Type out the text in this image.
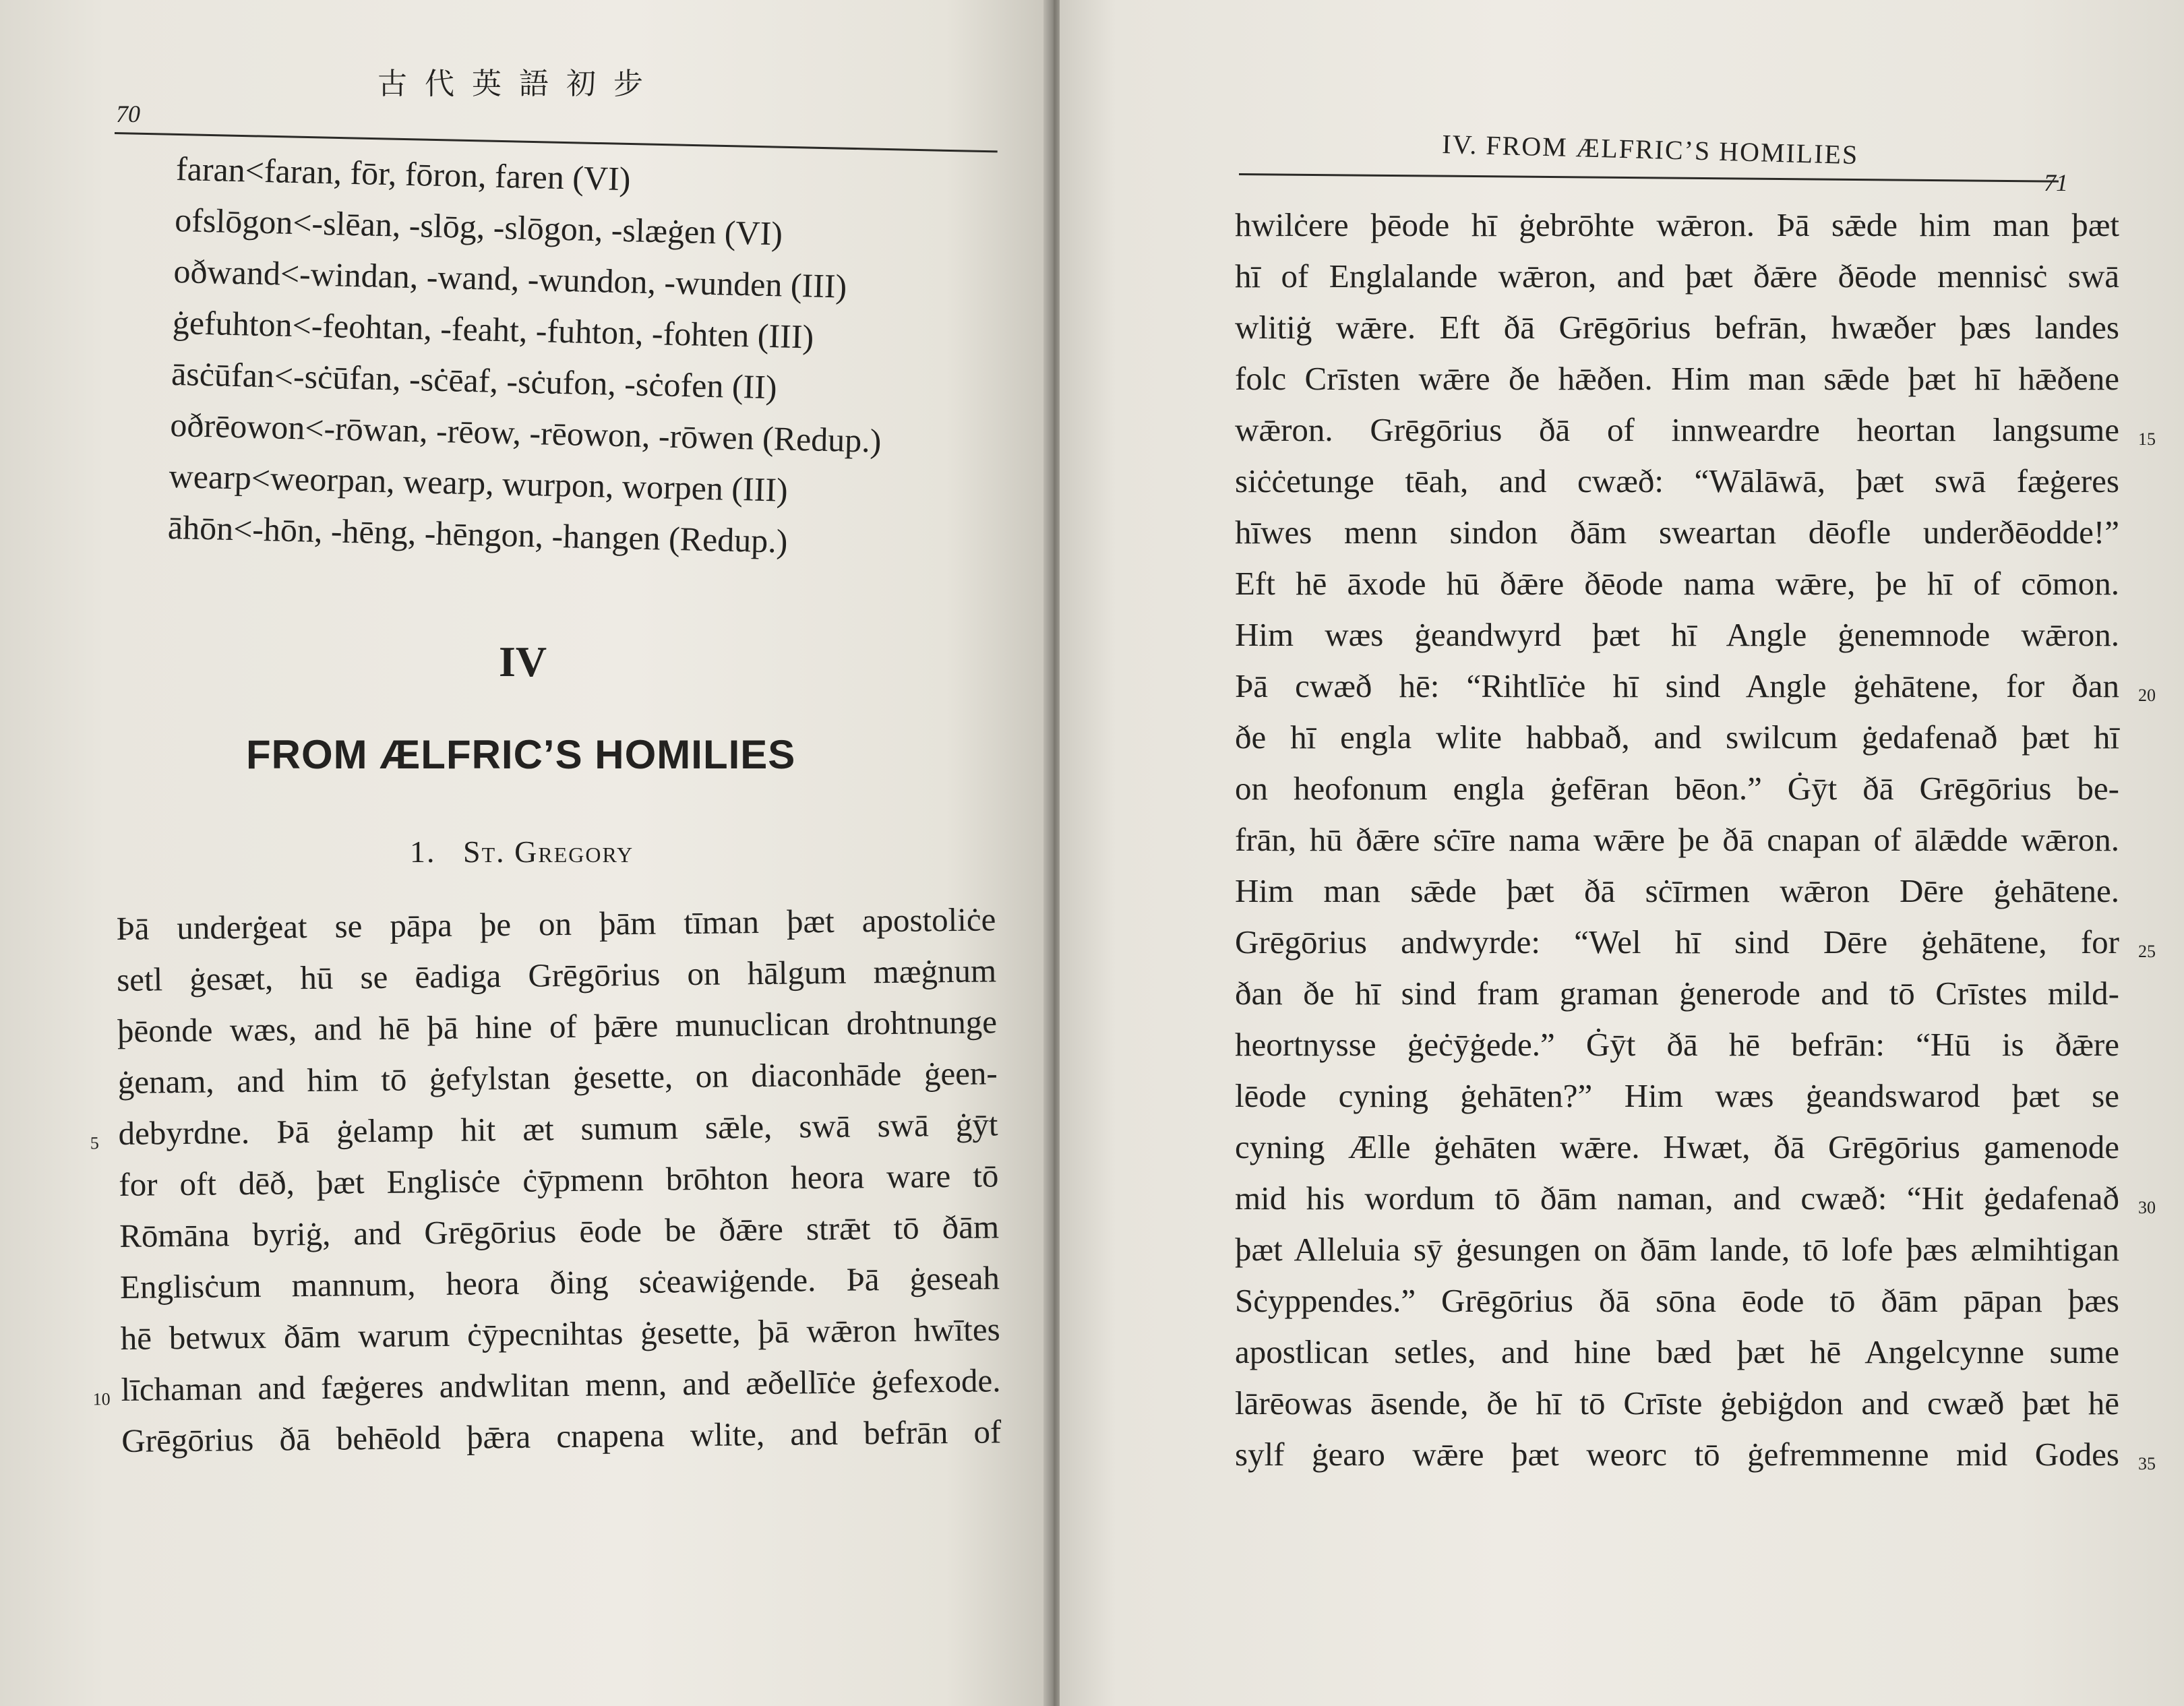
古代英語初步
70
faran<faran, fōr, fōron, faren (VI)
ofslōgon<-slēan, -slōg, -slōgon, -slæġen (VI)
oðwand<-windan, -wand, -wundon, -wunden (III)
ġefuhton<-feohtan, -feaht, -fuhton, -fohten (III)
āsċūfan<-sċūfan, -sċēaf, -sċufon, -sċofen (II)
oðrēowon<-rōwan, -rēow, -rēowon, -rōwen (Redup.)
wearp<weorpan, wearp, wurpon, worpen (III)
āhōn<-hōn, -hēng, -hēngon, -hangen (Redup.)
IV
FROM ÆLFRIC’S HOMILIES
1. St. Gregory
Þā underġeat se pāpa þe on þām tīman þæt apostoliċe
setl ġesæt, hū se ēadiga Grēgōrius on hālgum mæġnum
þēonde wæs, and hē þā hine of þǣre munuclican drohtnunge
ġenam, and him tō ġefylstan ġesette, on diaconhāde ġeen-
debyrdne. Þā ġelamp hit æt sumum sǣle, swā swā ġȳt
5
for oft dēð, þæt Englisċe ċȳpmenn brōhton heora ware tō
Rōmāna byriġ, and Grēgōrius ēode be ðǣre strǣt tō ðām
Englisċum mannum, heora ðing sċeawiġende. Þā ġeseah
hē betwux ðām warum ċȳpecnihtas ġesette, þā wǣron hwītes
līchaman and fæġeres andwlitan menn, and æðellīċe ġefexode.
10
Grēgōrius ðā behēold þǣra cnapena wlite, and befrān of
IV. FROM ÆLFRIC’S HOMILIES
71
hwilċere þēode hī ġebrōhte wǣron. Þā sǣde him man þæt
hī of Englalande wǣron, and þæt ðǣre ðēode mennisċ swā
wlitiġ wǣre. Eft ðā Grēgōrius befrān, hwæðer þæs landes
folc Crīsten wǣre ðe hǣðen. Him man sǣde þæt hī hǣðene
wǣron. Grēgōrius ðā of innweardre heortan langsume 15
siċċetunge tēah, and cwæð: “Wālāwā, þæt swā fæġeres
hīwes menn sindon ðām sweartan dēofle underðēodde!”
Eft hē āxode hū ðǣre ðēode nama wǣre, þe hī of cōmon.
Him wæs ġeandwyrd þæt hī Angle ġenemnode wǣron.
Þā cwæð hē: “Rihtlīċe hī sind Angle ġehātene, for ðan 20
ðe hī engla wlite habbað, and swilcum ġedafenað þæt hī
on heofonum engla ġefēran bēon.” Ġȳt ðā Grēgōrius be-
frān, hū ðǣre sċīre nama wǣre þe ðā cnapan of ālǣdde wǣron.
Him man sǣde þæt ðā sċīrmen wǣron Dēre ġehātene.
Grēgōrius andwyrde: “Wel hī sind Dēre ġehātene, for 25
ðan ðe hī sind fram graman ġenerode and tō Crīstes mild-
heortnysse ġeċȳġede.” Ġȳt ðā hē befrān: “Hū is ðǣre
lēode cyning ġehāten?” Him wæs ġeandswarod þæt se
cyning Ælle ġehāten wǣre. Hwæt, ðā Grēgōrius gamenode
mid his wordum tō ðām naman, and cwæð: “Hit ġedafenað 30
þæt Alleluia sȳ ġesungen on ðām lande, tō lofe þæs ælmihtigan
Sċyppendes.” Grēgōrius ðā sōna ēode tō ðām pāpan þæs
apostlican setles, and hine bæd þæt hē Angelcynne sume
lārēowas āsende, ðe hī tō Crīste ġebiġdon and cwæð þæt hē
sylf ġearo wǣre þæt weorc tō ġefremmenne mid Godes 35
